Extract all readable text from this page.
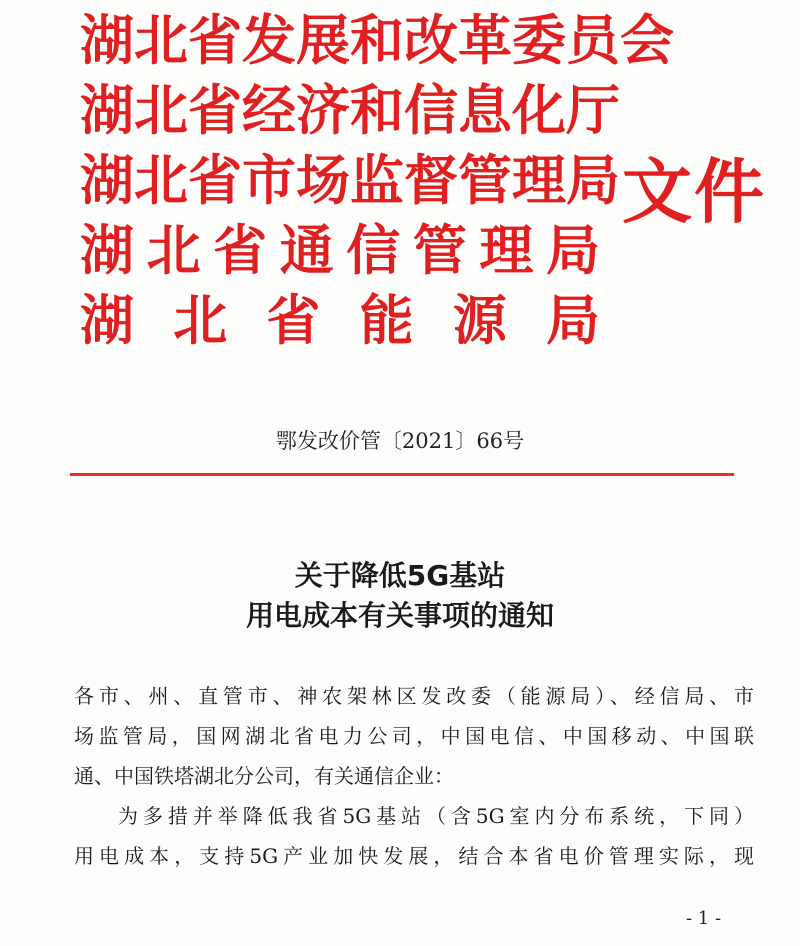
湖 北 省 发 展 和 改 革 委 员 会
湖 北 省 经 济 和 信 息 化 厅
湖 北 省 市 场 监 督 管 理 局
湖 北 省 通 信 管 理 局
湖 北 省 能 源 局
文件
鄂发改价管〔2021〕66号
关于降低5G基站
用电成本有关事项的通知
各市、州、直管市、神农架林区发改委（能源局）、经信局、市
场监管局，国网湖北省电力公司，中国电信、中国移动、中国联
通、中国铁塔湖北分公司，有关通信企业：
为多措并举降低我省5G基站（含5G室内分布系统，下同）
用电成本，支持5G产业加快发展，结合本省电价管理实际，现
- 1 -
